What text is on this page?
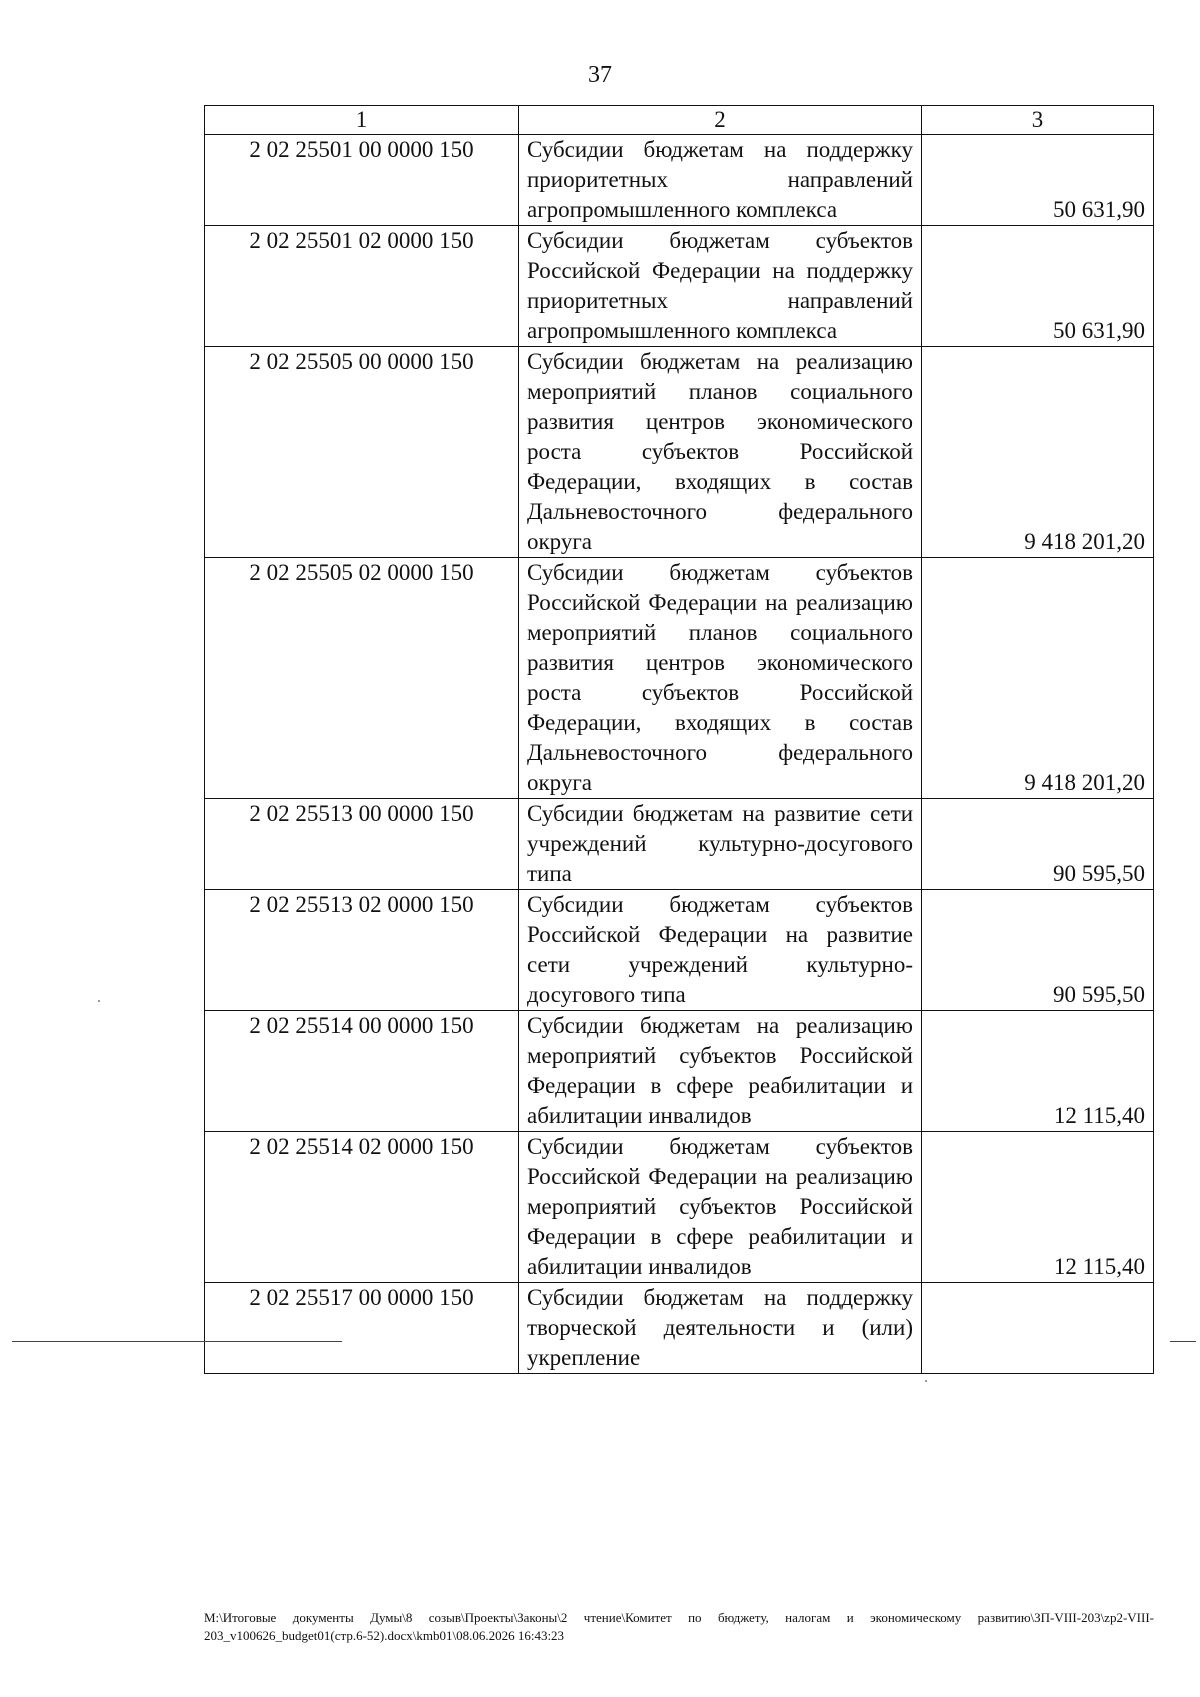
37
1	2	3
2 02 25501 00 0000 150	Субсидии бюджетам на поддержку приоритетных направлений агропромышленного комплекса	50 631,90
2 02 25501 02 0000 150	Субсидии бюджетам субъектов Российской Федерации на поддержку приоритетных направлений агропромышленного комплекса	50 631,90
2 02 25505 00 0000 150	Субсидии бюджетам на реализацию мероприятий планов социального развития центров экономического роста субъектов Российской Федерации, входящих в состав Дальневосточного федерального округа	9 418 201,20
2 02 25505 02 0000 150	Субсидии бюджетам субъектов Российской Федерации на реализацию мероприятий планов социального развития центров экономического роста субъектов Российской Федерации, входящих в состав Дальневосточного федерального округа	9 418 201,20
2 02 25513 00 0000 150	Субсидии бюджетам на развитие сети учреждений культурно-досугового типа	90 595,50
2 02 25513 02 0000 150	Субсидии бюджетам субъектов Российской Федерации на развитие сети учреждений культурно-досугового типа	90 595,50
2 02 25514 00 0000 150	Субсидии бюджетам на реализацию мероприятий субъектов Российской Федерации в сфере реабилитации и абилитации инвалидов	12 115,40
2 02 25514 02 0000 150	Субсидии бюджетам субъектов Российской Федерации на реализацию мероприятий субъектов Российской Федерации в сфере реабилитации и абилитации инвалидов	12 115,40
2 02 25517 00 0000 150	Субсидии бюджетам на поддержку творческой деятельности и (или) укрепление	
M:\Итоговые документы Думы\8 созыв\Проекты\Законы\2 чтение\Комитет по бюджету, налогам и экономическому развитию\ЗП-VIII-203\zp2-VIII-203_v100626_budget01(стр.6-52).docx\kmb01\08.06.2026 16:43:23
